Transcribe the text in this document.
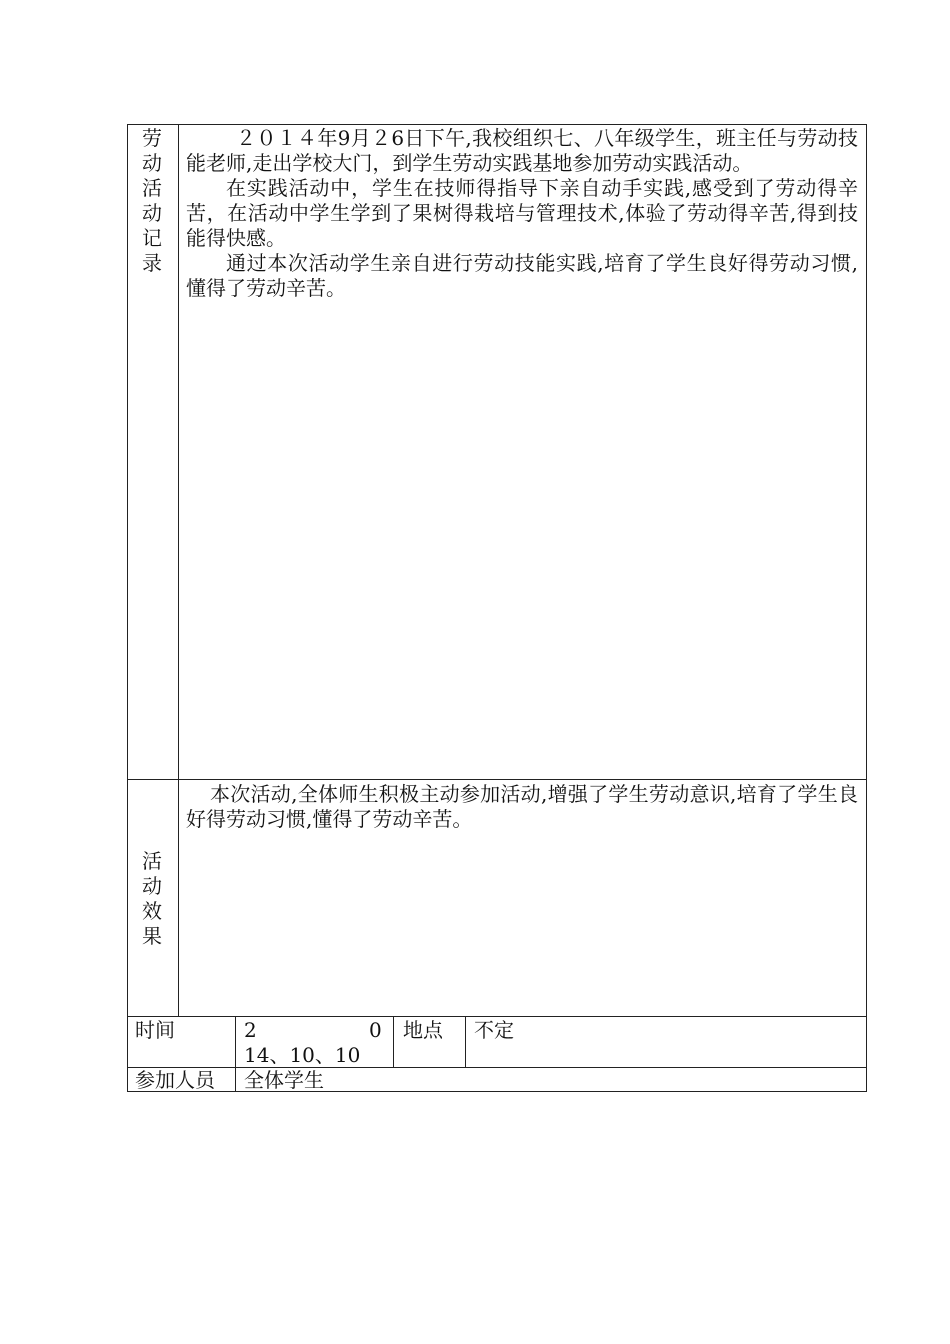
劳
动
活
动
记
录

２０１４年9月２6日下午,我校组织七、八年级学生，班主任与劳动技能老师,走出学校大门，到学生劳动实践基地参加劳动实践活动。

在实践活动中，学生在技师得指导下亲自动手实践,感受到了劳动得辛苦，在活动中学生学到了果树得栽培与管理技术,体验了劳动得辛苦,得到技能得快感。

通过本次活动学生亲自进行劳动技能实践,培育了学生良好得劳动习惯,懂得了劳动辛苦。

活
动
效
果

本次活动,全体师生积极主动参加活动,增强了学生劳动意识,培育了学生良好得劳动习惯,懂得了劳动辛苦。

时间	2	0
14、10、10
地点 不定
参加人员 全体学生
